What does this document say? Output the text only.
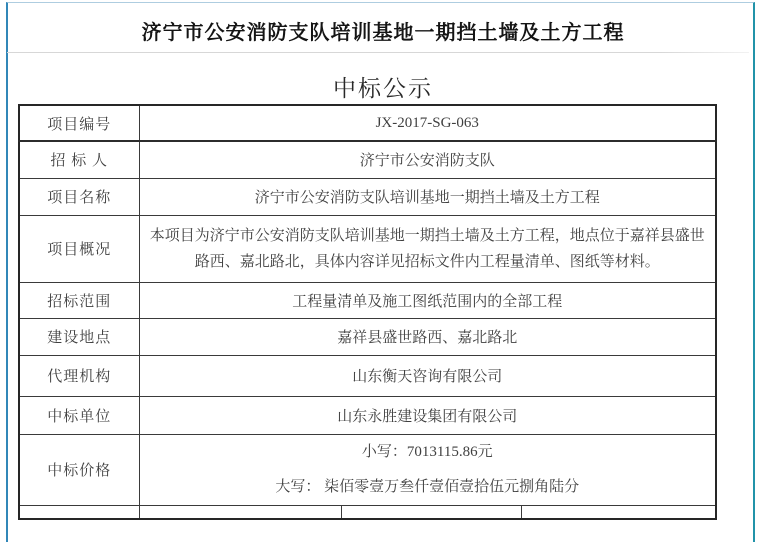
济宁市公安消防支队培训基地一期挡土墙及土方工程
中标公示
项目编号	JX-2017-SG-063		
招 标 人	济宁市公安消防支队		
项目名称	济宁市公安消防支队培训基地一期挡土墙及土方工程		
项目概况	本项目为济宁市公安消防支队培训基地一期挡土墙及土方工程，地点位于嘉祥县盛世路西、嘉北路北，具体内容详见招标文件内工程量清单、图纸等材料。		
招标范围	工程量清单及施工图纸范围内的全部工程		
建设地点	嘉祥县盛世路西、嘉北路北		
代理机构	山东衡天咨询有限公司		
中标单位	山东永胜建设集团有限公司		
中标价格	小写：7013115.86元
大写： 柒佰零壹万叁仟壹佰壹拾伍元捌角陆分		
